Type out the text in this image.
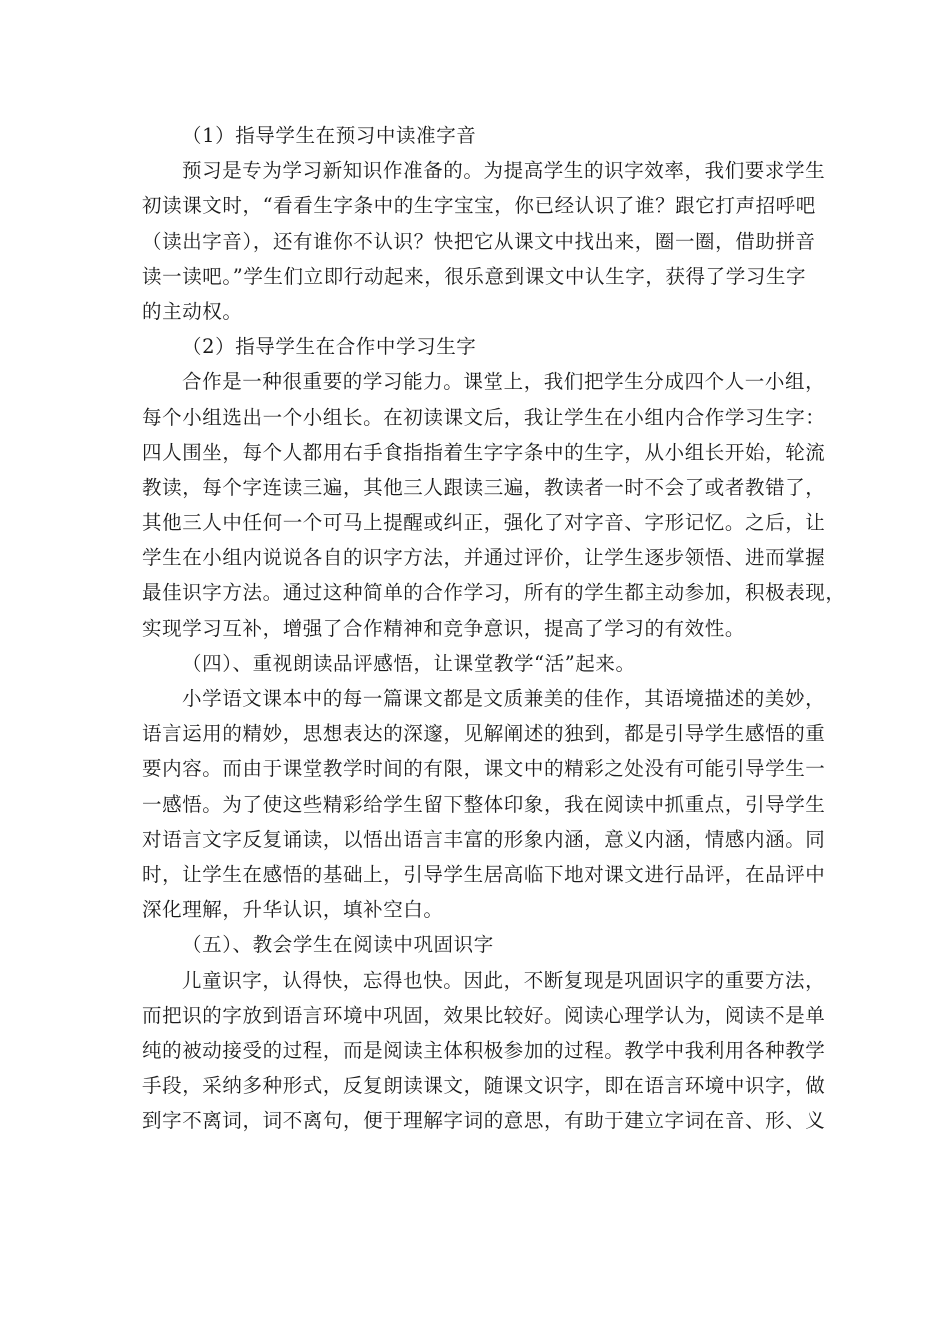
（1）指导学生在预习中读准字音
预习是专为学习新知识作准备的。为提高学生的识字效率，我们要求学生
初读课文时，“看看生字条中的生字宝宝，你已经认识了谁？跟它打声招呼吧
（读出字音），还有谁你不认识？快把它从课文中找出来，圈一圈，借助拼音
读一读吧。”学生们立即行动起来，很乐意到课文中认生字，获得了学习生字
的主动权。
（2）指导学生在合作中学习生字
合作是一种很重要的学习能力。课堂上，我们把学生分成四个人一小组，
每个小组选出一个小组长。在初读课文后，我让学生在小组内合作学习生字：
四人围坐，每个人都用右手食指指着生字字条中的生字，从小组长开始，轮流
教读，每个字连读三遍，其他三人跟读三遍，教读者一时不会了或者教错了，
其他三人中任何一个可马上提醒或纠正，强化了对字音、字形记忆。之后，让
学生在小组内说说各自的识字方法，并通过评价，让学生逐步领悟、进而掌握
最佳识字方法。通过这种简单的合作学习，所有的学生都主动参加，积极表现，
实现学习互补，增强了合作精神和竞争意识，提高了学习的有效性。
（四）、重视朗读品评感悟，让课堂教学“活”起来。
小学语文课本中的每一篇课文都是文质兼美的佳作，其语境描述的美妙，
语言运用的精妙，思想表达的深邃，见解阐述的独到，都是引导学生感悟的重
要内容。而由于课堂教学时间的有限，课文中的精彩之处没有可能引导学生一
一感悟。为了使这些精彩给学生留下整体印象，我在阅读中抓重点，引导学生
对语言文字反复诵读，以悟出语言丰富的形象内涵，意义内涵，情感内涵。同
时，让学生在感悟的基础上，引导学生居高临下地对课文进行品评，在品评中
深化理解，升华认识，填补空白。
（五）、教会学生在阅读中巩固识字
儿童识字，认得快，忘得也快。因此，不断复现是巩固识字的重要方法，
而把识的字放到语言环境中巩固，效果比较好。阅读心理学认为，阅读不是单
纯的被动接受的过程，而是阅读主体积极参加的过程。教学中我利用各种教学
手段，采纳多种形式，反复朗读课文，随课文识字，即在语言环境中识字，做
到字不离词，词不离句，便于理解字词的意思，有助于建立字词在音、形、义
